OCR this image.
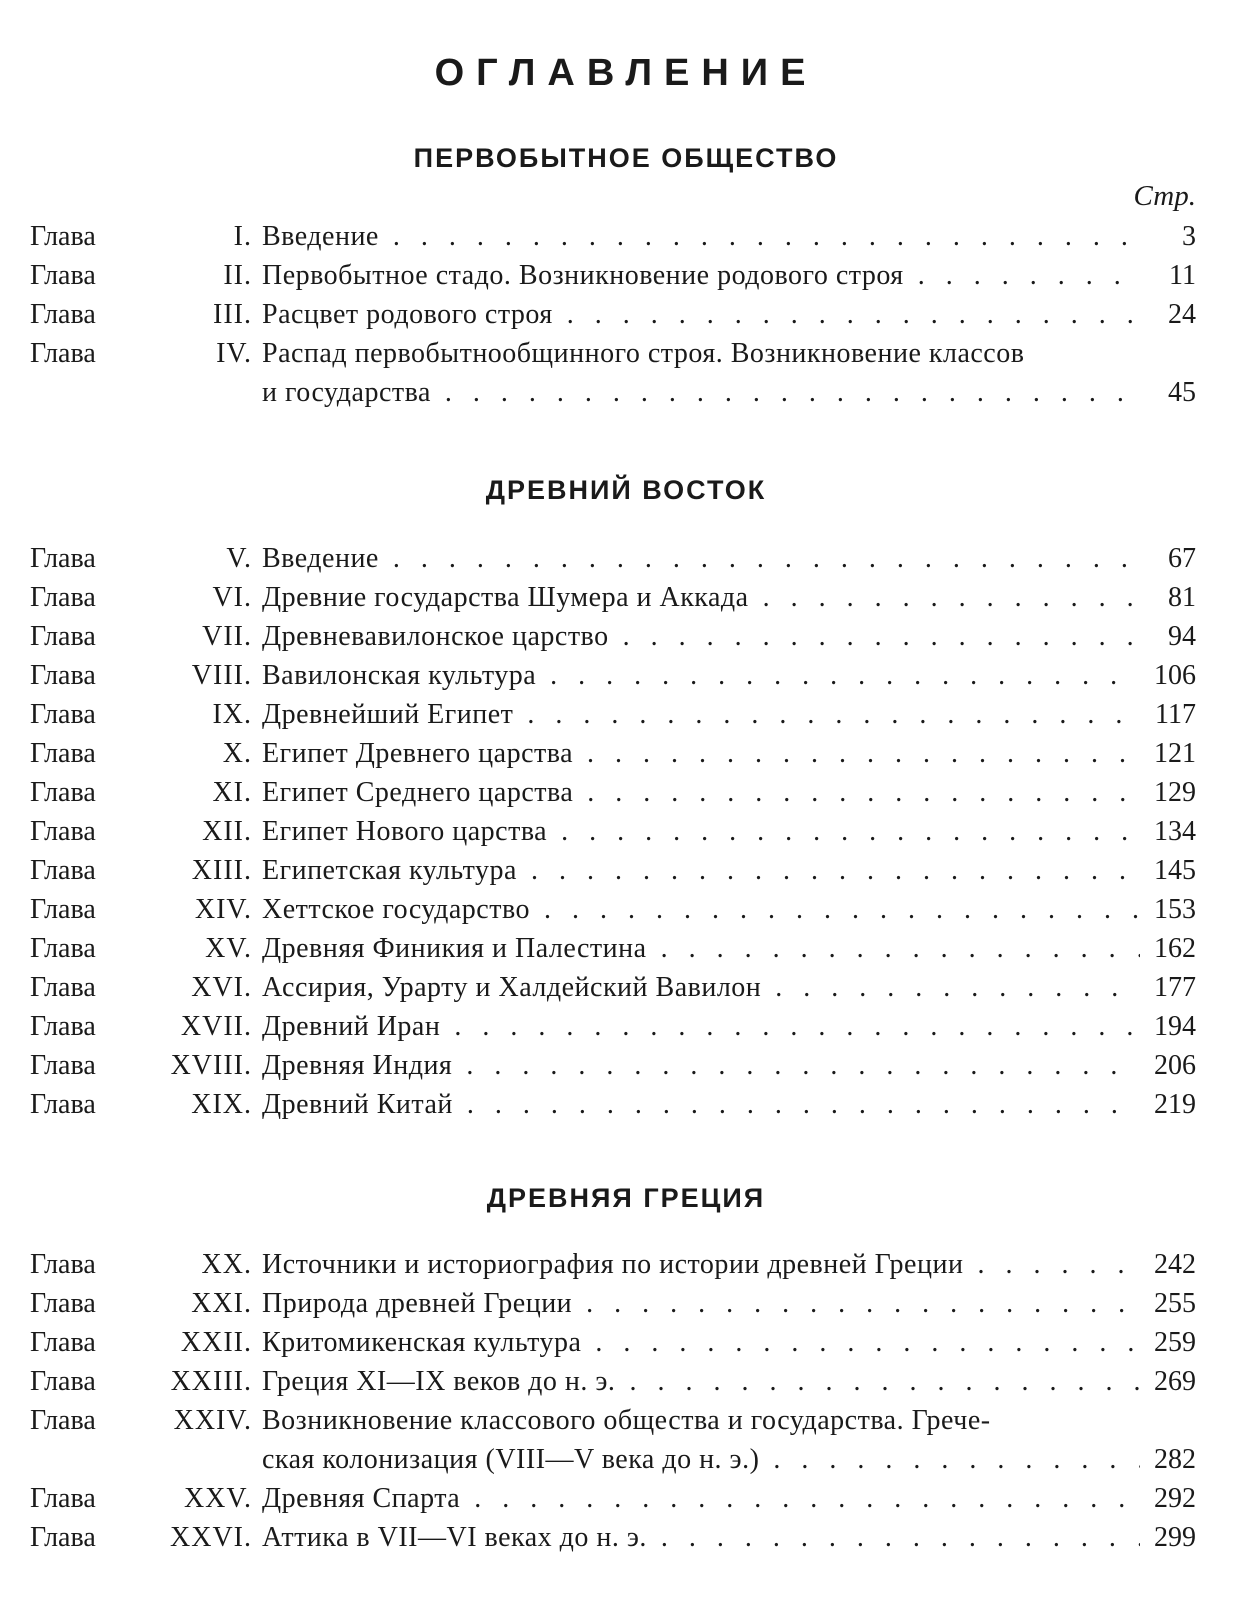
ОГЛАВЛЕНИЕ
Стр.
ПЕРВОБЫТНОЕ ОБЩЕСТВО
Глава	I. Введение . . .	3
Глава	II. Первобытное стадо. Возникновение родового строя . . .	11
Глава	III. Расцвет родового строя . . .	24
Глава	IV. Распад первобытнообщинного строя. Возникновение классов
и государства . . .	45
ДРЕВНИЙ ВОСТОК
Глава	V. Введение . . .	67
Глава	VI. Древние государства Шумера и Аккада . . .	81
Глава	VII. Древневавилонское царство . . .	94
Глава	VIII. Вавилонская культура . . .	106
Глава	IX. Древнейший Египет . . .	117
Глава	X. Египет Древнего царства . . .	121
Глава	XI. Египет Среднего царства . . .	129
Глава	XII. Египет Нового царства . . .	134
Глава	XIII. Египетская культура . . .	145
Глава	XIV. Хеттское государство . . .	153
Глава	XV. Древняя Финикия и Палестина . . .	162
Глава	XVI. Ассирия, Урарту и Халдейский Вавилон . . .	177
Глава	XVII. Древний Иран . . .	194
Глава	XVIII. Древняя Индия . . .	206
Глава	XIX. Древний Китай . . .	219
ДРЕВНЯЯ ГРЕЦИЯ
Глава	XX. Источники и историография по истории древней Греции . . .	242
Глава	XXI. Природа древней Греции . . .	255
Глава	XXII. Критомикенская культура . . .	259
Глава	XXIII. Греция XI—IX веков до н. э. . . .	269
Глава	XXIV. Возникновение классового общества и государства. Грече-
ская колонизация (VIII—V века до н. э.) . . .	282
Глава	XXV. Древняя Спарта . . .	292
Глава	XXVI. Аттика в VII—VI веках до н. э. . . .	299
